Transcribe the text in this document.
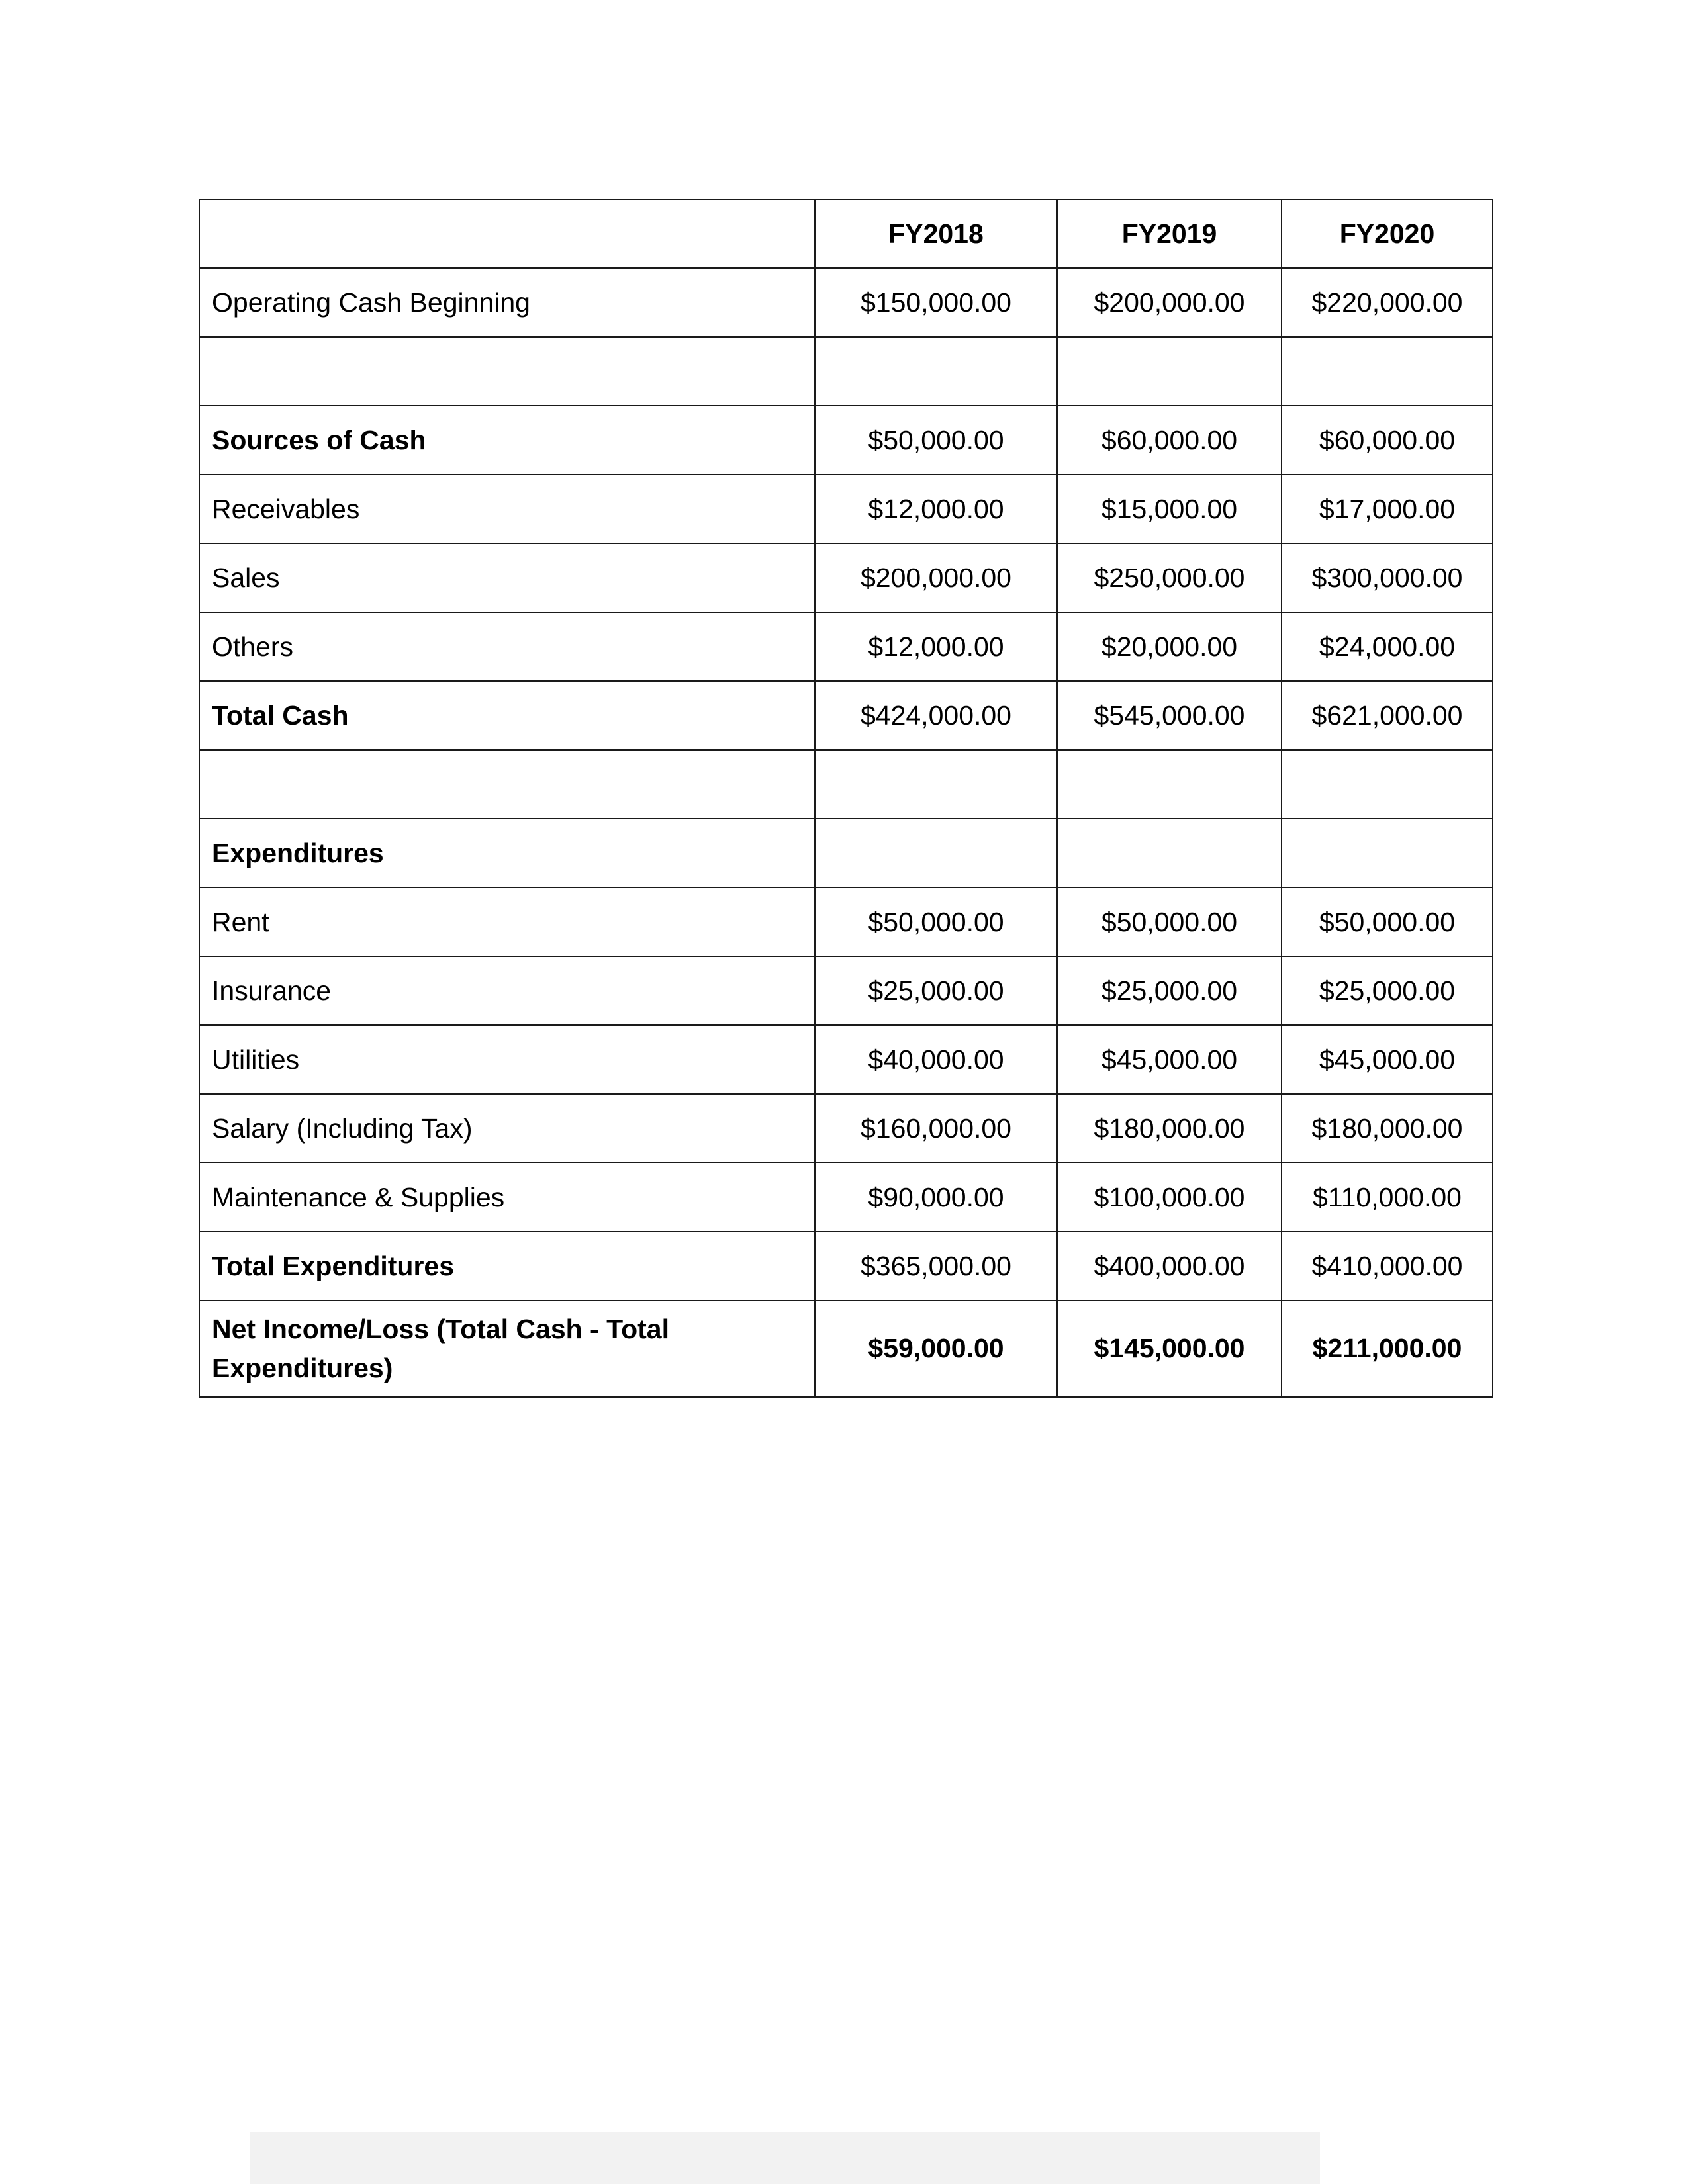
	FY2018	FY2019	FY2020
Operating Cash Beginning	$150,000.00	$200,000.00	$220,000.00

Sources of Cash	$50,000.00	$60,000.00	$60,000.00
Receivables	$12,000.00	$15,000.00	$17,000.00
Sales	$200,000.00	$250,000.00	$300,000.00
Others	$12,000.00	$20,000.00	$24,000.00
Total Cash	$424,000.00	$545,000.00	$621,000.00

Expenditures			
Rent	$50,000.00	$50,000.00	$50,000.00
Insurance	$25,000.00	$25,000.00	$25,000.00
Utilities	$40,000.00	$45,000.00	$45,000.00
Salary (Including Tax)	$160,000.00	$180,000.00	$180,000.00
Maintenance & Supplies	$90,000.00	$100,000.00	$110,000.00
Total Expenditures	$365,000.00	$400,000.00	$410,000.00
Net Income/Loss (Total Cash - Total Expenditures)	$59,000.00	$145,000.00	$211,000.00
